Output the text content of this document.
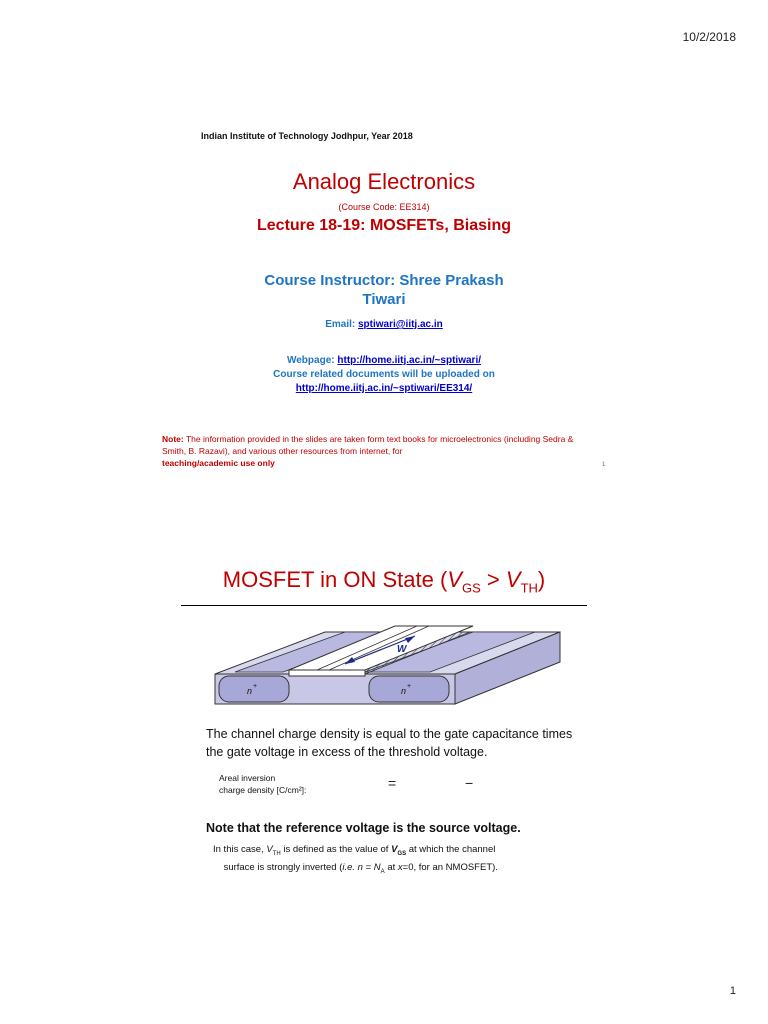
10/2/2018
Indian Institute of Technology Jodhpur, Year 2018
Analog Electronics
(Course Code: EE314)
Lecture 18-19: MOSFETs, Biasing
Course Instructor: Shree Prakash
Tiwari
Email: sptiwari@iitj.ac.in
Webpage: http://home.iitj.ac.in/~sptiwari/
Course related documents will be uploaded on
http://home.iitj.ac.in/~sptiwari/EE314/
Note: The information provided in the slides are taken form text books for microelectronics (including Sedra & Smith, B. Razavi), and various other resources from internet, for
teaching/academic use only	1
MOSFET in ON State $(V_{GS} > V_{TH})$
W
n +	n +
The channel charge density is equal to the gate capacitance times the gate voltage in excess of the threshold voltage.
Areal inversion
charge density [C/cm²]:	=	−
Note that the reference voltage is the source voltage.
In this case, $V_{TH}$ is defined as the value of $V_{GS}$ at which the channel
surface is strongly inverted (i.e. $n = N_A$ at x=0, for an NMOSFET).
1
